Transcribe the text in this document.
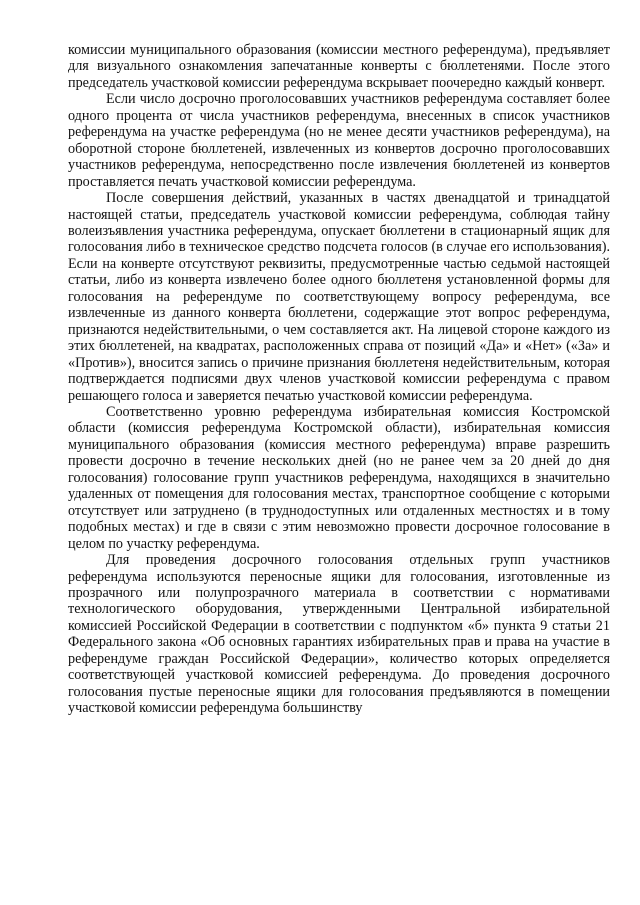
комиссии муниципального образования (комиссии местного референдума), предъявляет для визуального ознакомления запечатанные конверты с бюллетенями. После этого председатель участковой комиссии референдума вскрывает поочередно каждый конверт.

Если число досрочно проголосовавших участников референдума составляет более одного процента от числа участников референдума, внесенных в список участников референдума на участке референдума (но не менее десяти участников референдума), на оборотной стороне бюллетеней, извлеченных из конвертов досрочно проголосовавших участников референдума, непосредственно после извлечения бюллетеней из конвертов проставляется печать участковой комиссии референдума.

После совершения действий, указанных в частях двенадцатой и тринадцатой настоящей статьи, председатель участковой комиссии референдума, соблюдая тайну волеизъявления участника референдума, опускает бюллетени в стационарный ящик для голосования либо в техническое средство подсчета голосов (в случае его использования). Если на конверте отсутствуют реквизиты, предусмотренные частью седьмой настоящей статьи, либо из конверта извлечено более одного бюллетеня установленной формы для голосования на референдуме по соответствующему вопросу референдума, все извлеченные из данного конверта бюллетени, содержащие этот вопрос референдума, признаются недействительными, о чем составляется акт. На лицевой стороне каждого из этих бюллетеней, на квадратах, расположенных справа от позиций «Да» и «Нет» («За» и «Против»), вносится запись о причине признания бюллетеня недействительным, которая подтверждается подписями двух членов участковой комиссии референдума с правом решающего голоса и заверяется печатью участковой комиссии референдума.

Соответственно уровню референдума избирательная комиссия Костромской области (комиссия референдума Костромской области), избирательная комиссия муниципального образования (комиссия местного референдума) вправе разрешить провести досрочно в течение нескольких дней (но не ранее чем за 20 дней до дня голосования) голосование групп участников референдума, находящихся в значительно удаленных от помещения для голосования местах, транспортное сообщение с которыми отсутствует или затруднено (в труднодоступных или отдаленных местностях и в тому подобных местах) и где в связи с этим невозможно провести досрочное голосование в целом по участку референдума.

Для проведения досрочного голосования отдельных групп участников референдума используются переносные ящики для голосования, изготовленные из прозрачного или полупрозрачного материала в соответствии с нормативами технологического оборудования, утвержденными Центральной избирательной комиссией Российской Федерации в соответствии с подпунктом «б» пункта 9 статьи 21 Федерального закона «Об основных гарантиях избирательных прав и права на участие в референдуме граждан Российской Федерации», количество которых определяется соответствующей участковой комиссией референдума. До проведения досрочного голосования пустые переносные ящики для голосования предъявляются в помещении участковой комиссии референдума большинству
